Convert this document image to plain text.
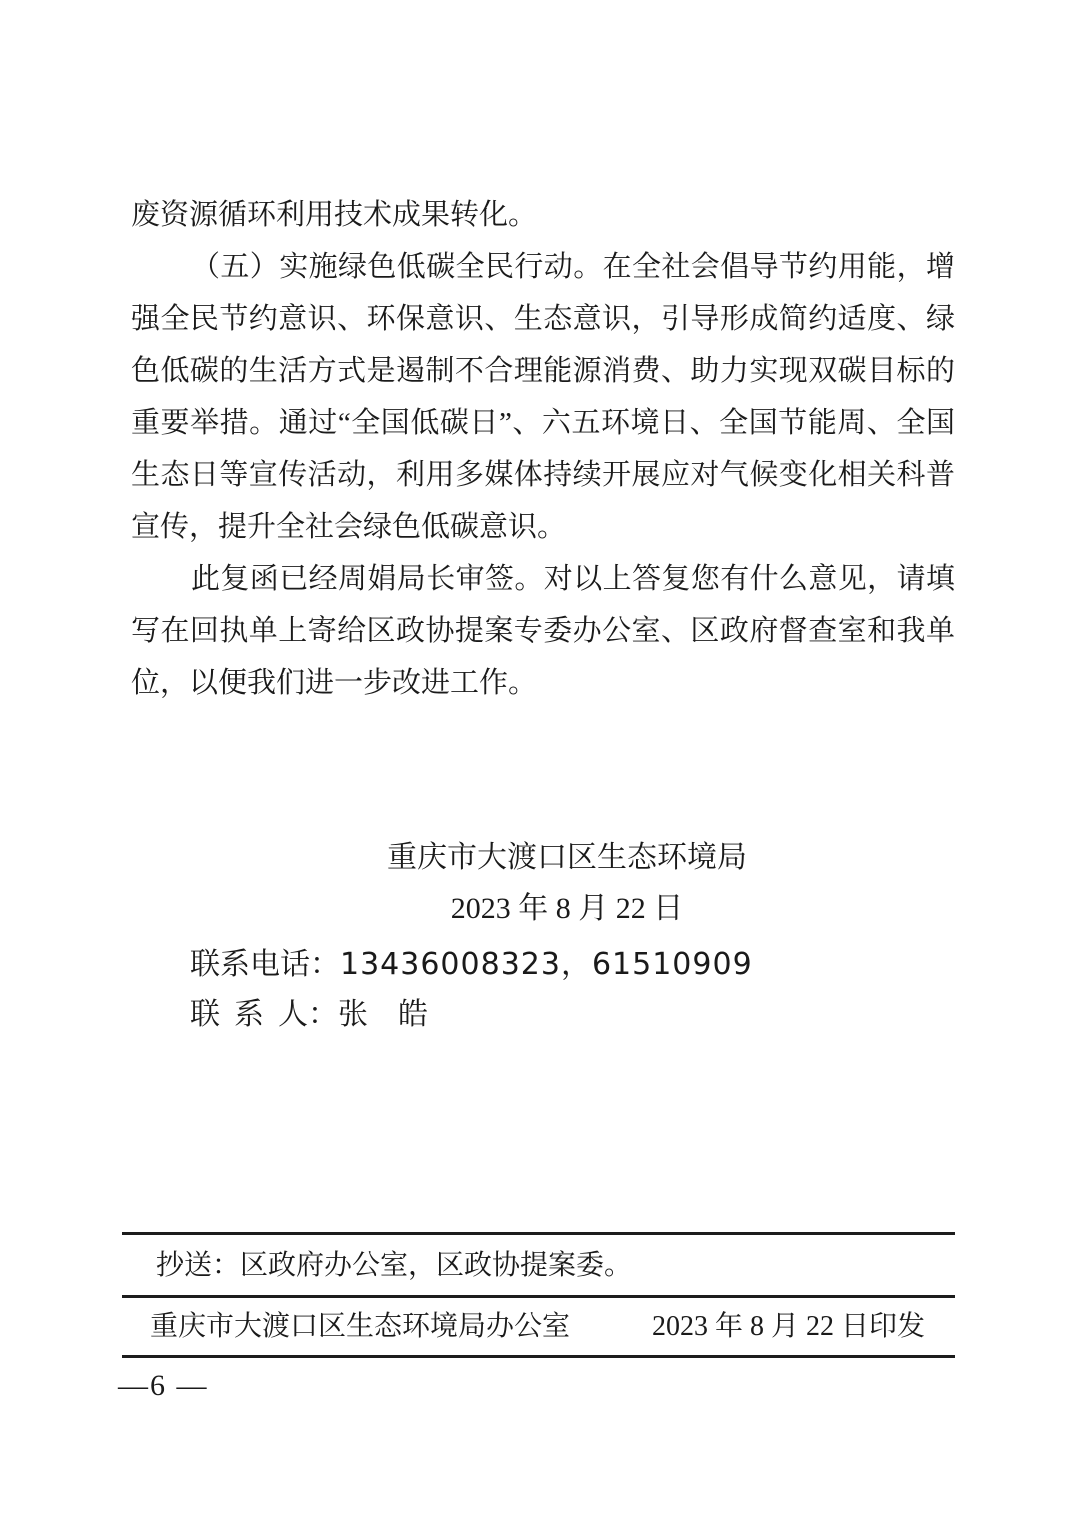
废资源循环利用技术成果转化。
（五）实施绿色低碳全民行动。在全社会倡导节约用能，增
强全民节约意识、环保意识、生态意识，引导形成简约适度、绿
色低碳的生活方式是遏制不合理能源消费、助力实现双碳目标的
重要举措。通过“全国低碳日”、六五环境日、全国节能周、全国
生态日等宣传活动，利用多媒体持续开展应对气候变化相关科普
宣传，提升全社会绿色低碳意识。
此复函已经周娟局长审签。对以上答复您有什么意见，请填
写在回执单上寄给区政协提案专委办公室、区政府督查室和我单
位，以便我们进一步改进工作。
重庆市大渡口区生态环境局
2023 年 8 月 22 日
联系电话：13436008323，61510909
联系人：张　皓
抄送：区政府办公室，区政协提案委。
重庆市大渡口区生态环境局办公室	2023 年 8 月 22 日印发
—6 —
